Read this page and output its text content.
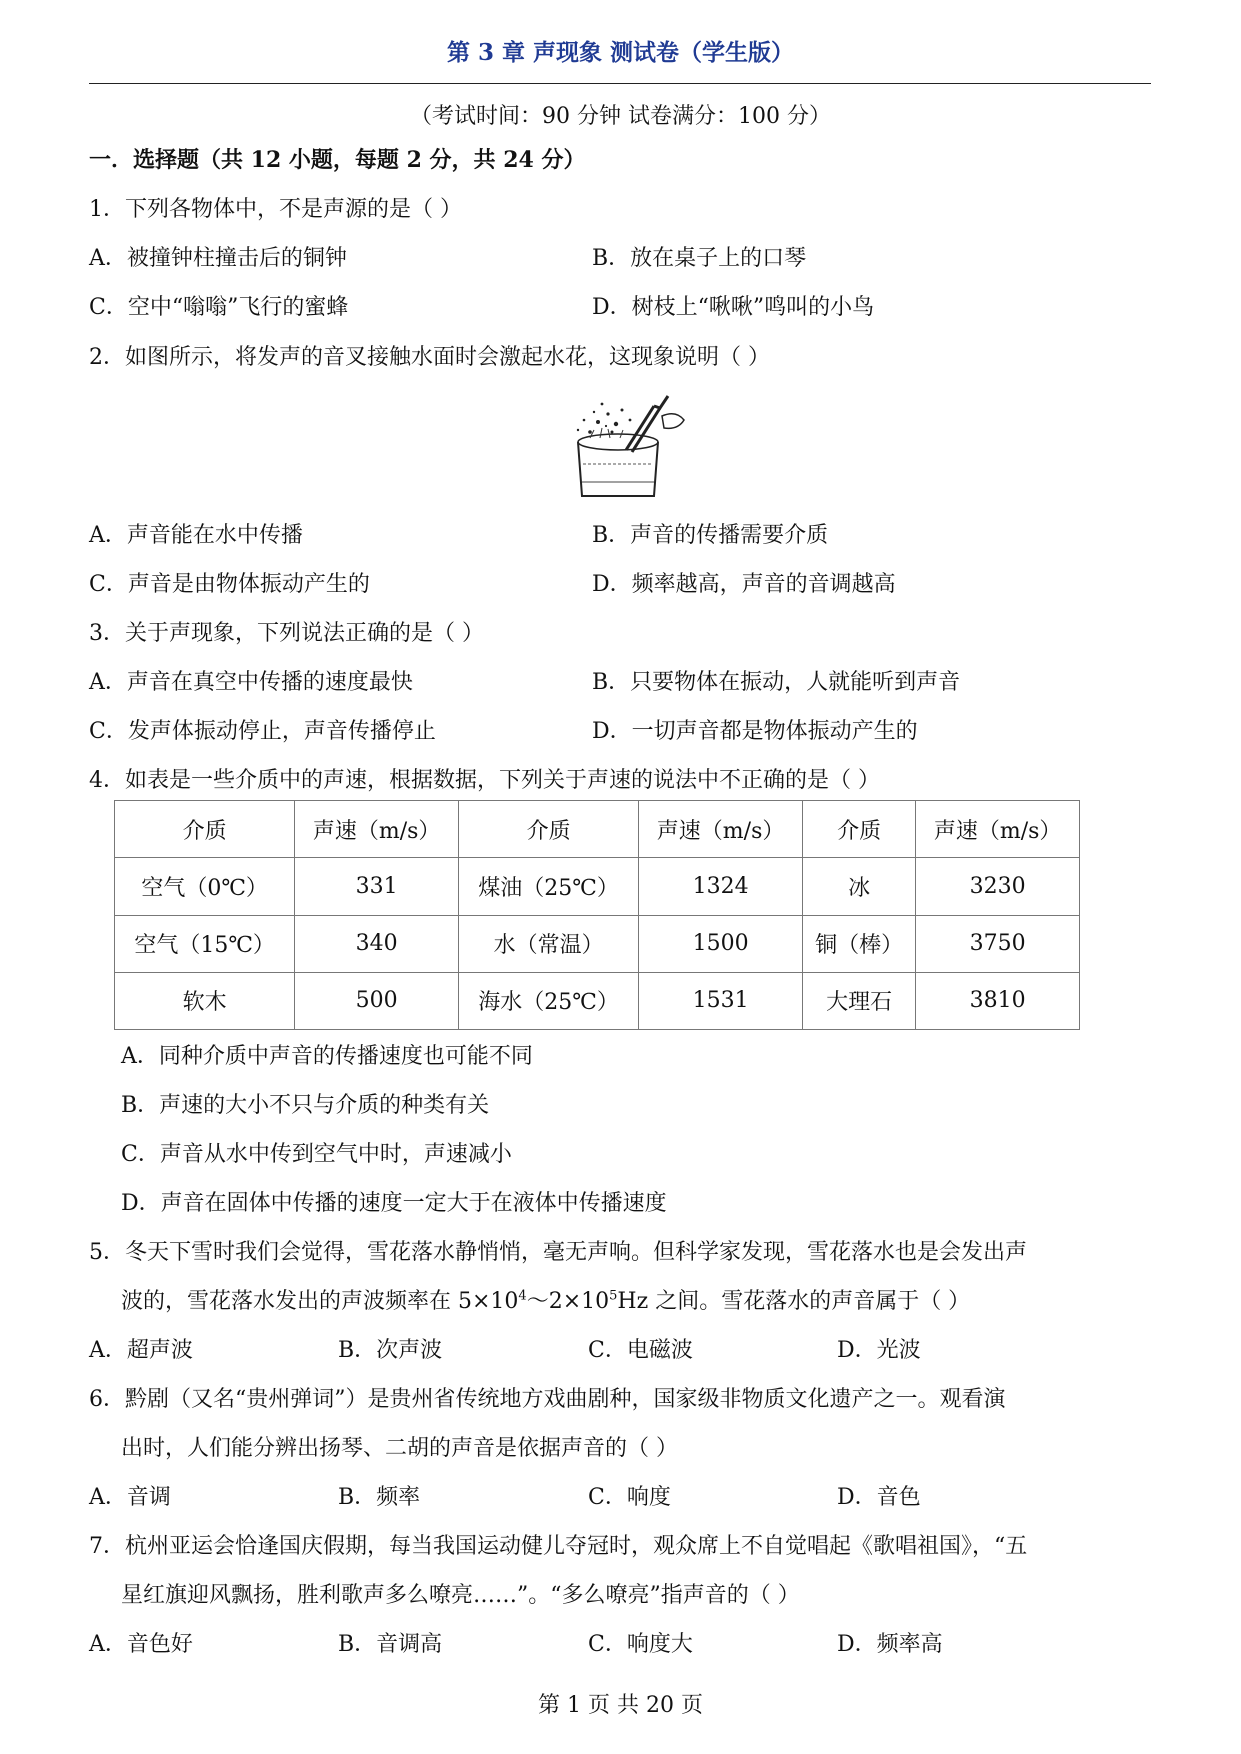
第 3 章 声现象 测试卷（学生版）
（考试时间：90 分钟 试卷满分：100 分）
一．选择题（共 12 小题，每题 2 分，共 24 分）
1．下列各物体中，不是声源的是（ ）
A．被撞钟柱撞击后的铜钟	B．放在桌子上的口琴
C．空中“嗡嗡”飞行的蜜蜂	D．树枝上“啾啾”鸣叫的小鸟
2．如图所示，将发声的音叉接触水面时会激起水花，这现象说明（ ）
A．声音能在水中传播	B．声音的传播需要介质
C．声音是由物体振动产生的	D．频率越高，声音的音调越高
3．关于声现象，下列说法正确的是（ ）
A．声音在真空中传播的速度最快	B．只要物体在振动，人就能听到声音
C．发声体振动停止，声音传播停止	D．一切声音都是物体振动产生的
4．如表是一些介质中的声速，根据数据，下列关于声速的说法中不正确的是（ ）
介质	声速（m/s）	介质	声速（m/s）	介质	声速（m/s）
空气（0℃）	331	煤油（25℃）	1324	冰	3230
空气（15℃）	340	水（常温）	1500	铜（棒）	3750
软木	500	海水（25℃）	1531	大理石	3810
A．同种介质中声音的传播速度也可能不同
B．声速的大小不只与介质的种类有关
C．声音从水中传到空气中时，声速减小
D．声音在固体中传播的速度一定大于在液体中传播速度
5．冬天下雪时我们会觉得，雪花落水静悄悄，毫无声响。但科学家发现，雪花落水也是会发出声
波的，雪花落水发出的声波频率在 $5\times 10^4\sim 2\times 10^5Hz$ 之间。雪花落水的声音属于（ ）
A．超声波	B．次声波	C．电磁波	D．光波
6．黔剧（又名“贵州弹词”）是贵州省传统地方戏曲剧种，国家级非物质文化遗产之一。观看演
出时，人们能分辨出扬琴、二胡的声音是依据声音的（ ）
A．音调	B．频率	C．响度	D．音色
7．杭州亚运会恰逢国庆假期，每当我国运动健儿夺冠时，观众席上不自觉唱起《歌唱祖国》，“五
星红旗迎风飘扬，胜利歌声多么嘹亮……”。“多么嘹亮”指声音的（ ）
A．音色好	B．音调高	C．响度大	D．频率高
第 1 页 共 20 页
